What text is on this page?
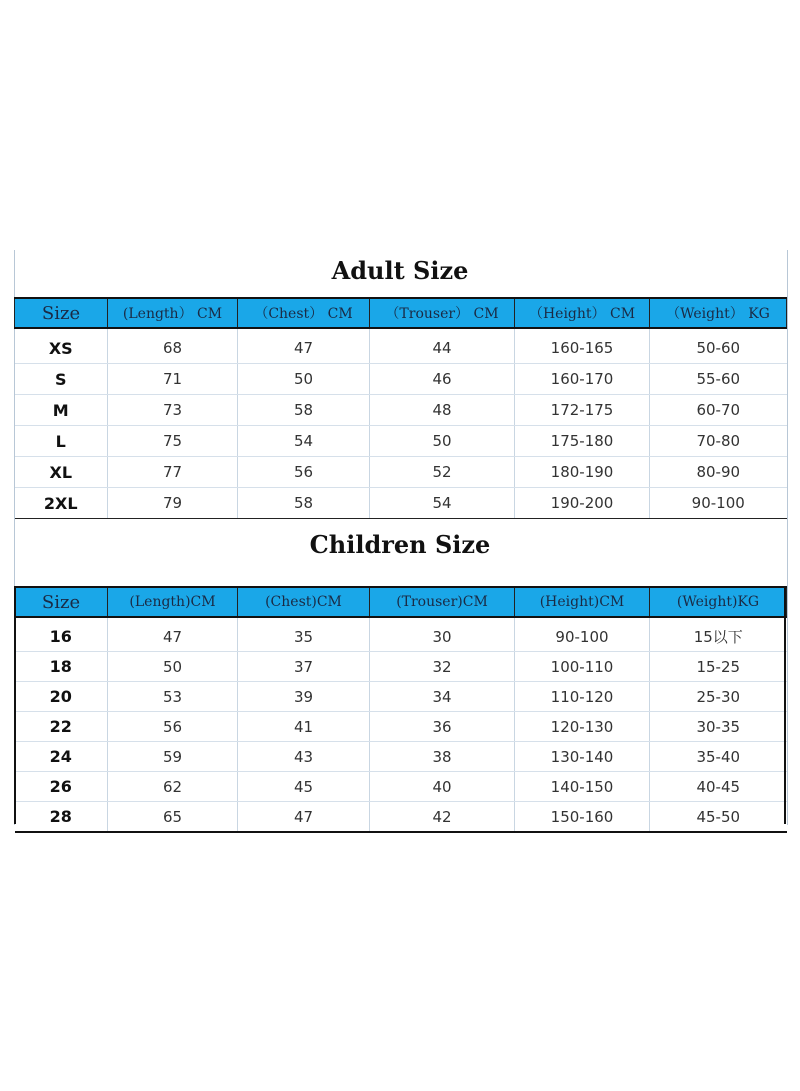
Adult Size
Size	(Length） CM	（Chest） CM	（Trouser） CM	（Height） CM	（Weight） KG

XS	68	47	44	160-165	50-60
S	71	50	46	160-170	55-60
M	73	58	48	172-175	60-70
L	75	54	50	175-180	70-80
XL	77	56	52	180-190	80-90
2XL	79	58	54	190-200	90-100
Children Size
Size	(Length)CM	(Chest)CM	(Trouser)CM	(Height)CM	(Weight)KG

16	47	35	30	90-100	15以下
18	50	37	32	100-110	15-25
20	53	39	34	110-120	25-30
22	56	41	36	120-130	30-35
24	59	43	38	130-140	35-40
26	62	45	40	140-150	40-45
28	65	47	42	150-160	45-50
